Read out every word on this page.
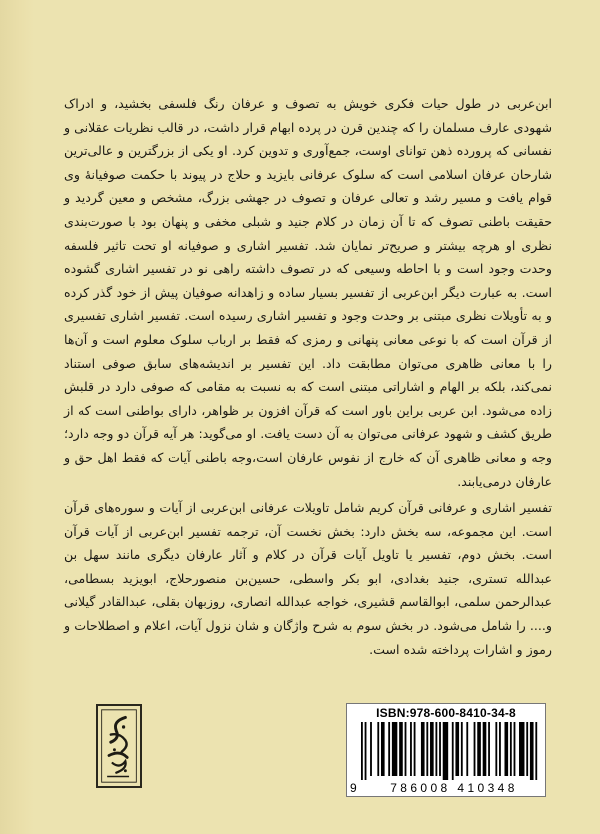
ابن‌عربی در طول حیات فکری خویش به تصوف و عرفان رنگ فلسفی بخشید، و ادراک شهودی عارف مسلمان را که چندین قرن در پرده ابهام قرار داشت، در قالب نظریات عقلانی و نفسانی که پرورده ذهن توانای اوست، جمع‌آوری و تدوین کرد. او یکی از بزرگترین و عالی‌ترین شارحان عرفان اسلامی است که سلوک عرفانی بایزید و حلاج در پیوند با حکمت صوفیانهٔ وی قوام یافت و مسیر رشد و تعالی عرفان و تصوف در جهشی بزرگ، مشخص و معین گردید و حقیقت باطنی تصوف که تا آن زمان در کلام جنید و شبلی مخفی و پنهان بود با صورت‌بندی نظری او هرچه بیشتر و صریح‌تر نمایان شد. تفسیر اشاری و صوفیانه او تحت تاثیر فلسفه وحدت وجود است و با احاطه وسیعی که در تصوف داشته راهی نو در تفسیر اشاری گشوده است. به عبارت دیگر ابن‌عربی از تفسیر بسیار ساده و زاهدانه صوفیان پیش از خود گذر کرده و به تأویلات نظری مبتنی بر وحدت وجود و تفسیر اشاری رسیده است. تفسیر اشاری تفسیری از قرآن است که با نوعی معانی پنهانی و رمزی که فقط بر ارباب سلوک معلوم است و آن‌ها را با معانی ظاهری می‌توان مطابقت داد. این تفسیر بر اندیشه‌های سابق صوفی استناد نمی‌کند، بلکه بر الهام و اشاراتی مبتنی است که به نسبت به مقامی که صوفی دارد در قلبش زاده می‌شود. ابن عربی براین باور است که قرآن افزون بر ظواهر، دارای بواطنی است که از طریق کشف و شهود عرفانی می‌توان به آن دست یافت. او می‌گوید: هر آیه قرآن دو وجه دارد؛ وجه و معانی ظاهری آن که خارج از نفوس عارفان است،وجه باطنی آیات که فقط اهل حق و عارفان درمی‌یابند.

تفسیر اشاری و عرفانی قرآن کریم شامل تاویلات عرفانی ابن‌عربی از آیات و سوره‌های قرآن است. این مجموعه، سه بخش دارد: بخش نخست آن، ترجمه تفسیر ابن‌عربی از آیات قرآن است. بخش دوم، تفسیر یا تاویل آیات قرآن در کلام و آثار عارفان دیگری مانند سهل بن عبدالله تستری، جنید بغدادی، ابو بکر واسطی، حسین‌بن منصورحلاج، ابویزید بسطامی، عبدالرحمن سلمی، ابوالقاسم قشیری، خواجه عبدالله انصاری، روزبهان بقلی، عبدالقادر گیلانی و.... را شامل می‌شود. در بخش سوم به شرح واژگان و شان نزول آیات، اعلام و اصطلاحات و رموز و اشارات پرداخته شده است.

ISBN:978-600-8410-34-8
9	786008 410348
